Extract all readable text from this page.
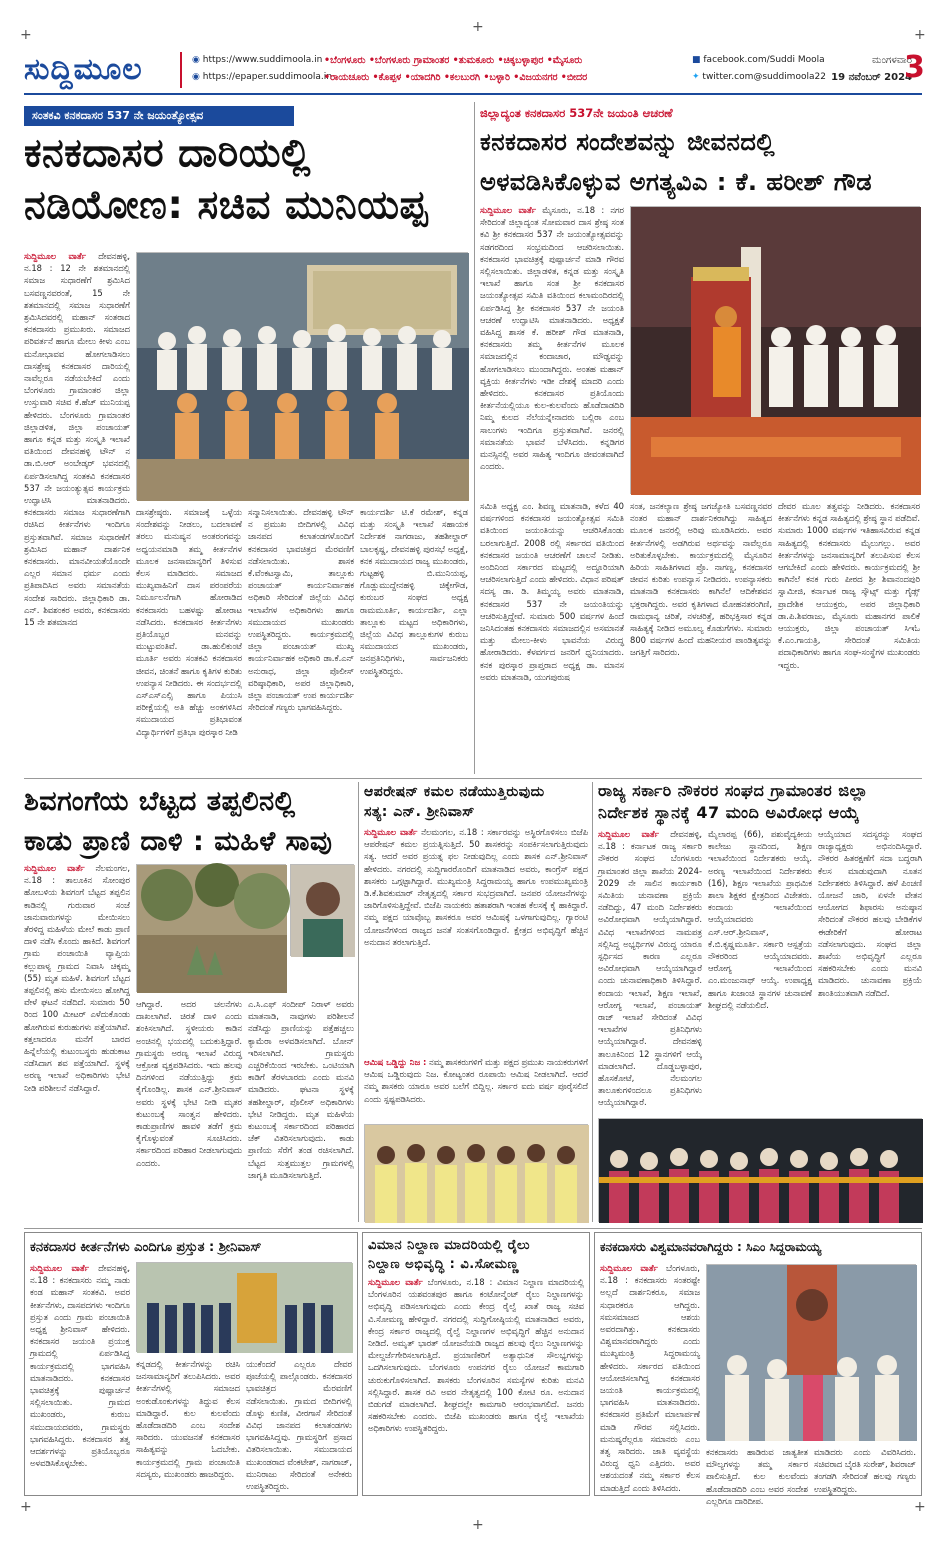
+	+	+
+
+
+
ಸುದ್ದಿಮೂಲ	◉ https://www.suddimoola.in
◉ https://epaper.suddimoola.in
•ಬೆಂಗಳೂರು •ಬೆಂಗಳೂರು ಗ್ರಾಮಾಂತರ •ತುಮಕೂರು •ಚಿಕ್ಕಬಳ್ಳಾಪುರ •ಮೈಸೂರು
•ರಾಯಚೂರು •ಕೊಪ್ಪಳ •ಯಾದಗಿರಿ •ಕಲಬುರಗಿ •ಬಳ್ಳಾರಿ •ವಿಜಯನಗರ •ಬೀದರ
■ facebook.com/Suddi Moola
✦ twitter.com@suddimoola22
ಮಂಗಳವಾರ
19 ನವೆಂಬರ್ 2024
3
ಸಂತಕವಿ ಕನಕದಾಸರ 537 ನೇ ಜಯಂತ್ಯೋತ್ಸವ
ಕನಕದಾಸರ ದಾರಿಯಲ್ಲಿ
ನಡಿಯೋಣ: ಸಚಿವ ಮುನಿಯಪ್ಪ
ಸುದ್ದಿಮೂಲ ವಾರ್ತೆ ದೇವನಹಳ್ಳಿ, ನ.18 : 12 ನೇ ಶತಮಾನದಲ್ಲಿ ಸಮಾಜ ಸುಧಾರಣೆಗೆ ಶ್ರಮಿಸಿದ ಬಸವಣ್ಣನವರಂತೆ, 15 ನೇ ಶತಮಾನದಲ್ಲಿ ಸಮಾಜ ಸುಧಾರಣೆಗೆ ಶ್ರಮಿಸಿದವರಲ್ಲಿ ಮಹಾನ್ ಸಂತರಾದ ಕನಕದಾಸರು ಪ್ರಮುಖರು. ಸಮಾಜದ ಪರಿವರ್ತನೆ ಹಾಗೂ ಮೇಲು ಕೀಳು ಎಂಬ ಮನೋಭಾವವ ಹೋಗಲಾಡಿಸಲು ದಾಸಶ್ರೇಷ್ಠ ಕನಕದಾಸರ ದಾರಿಯಲ್ಲಿ ನಾವೆಲ್ಲರೂ ನಡೆಯಬೇಕಿದೆ ಎಂದು ಬೆಂಗಳೂರು ಗ್ರಾಮಾಂತರ ಜಿಲ್ಲಾ ಉಸ್ತುವಾರಿ ಸಚಿವ ಕೆ.ಹೆಚ್ ಮುನಿಯಪ್ಪ ಹೇಳಿದರು. ಬೆಂಗಳೂರು ಗ್ರಾಮಾಂತರ ಜಿಲ್ಲಾಡಳಿತ, ಜಿಲ್ಲಾ ಪಂಚಾಯತ್ ಹಾಗೂ ಕನ್ನಡ ಮತ್ತು ಸಂಸ್ಕೃತಿ ಇಲಾಖೆ ವತಿಯಿಂದ ದೇವನಹಳ್ಳಿ ಟೌನ್ ನ ಡಾ.ಬಿ.ಆರ್ ಅಂಬೇಡ್ಕರ್ ಭವನದಲ್ಲಿ ಏರ್ಪಡಿಸಲಾಗಿದ್ದ ಸಂತಕವಿ ಕನಕದಾಸರ 537 ನೇ ಜಯಂತ್ಯುತ್ಸವ ಕಾರ್ಯಕ್ರಮ ಉದ್ಘಾಟಿಸಿ ಮಾತನಾಡಿದರು. ಕನಕದಾಸರು ಸಮಾಜ ಸುಧಾರಣೆಗಾಗಿ ರಚಿಸಿದ ಕೀರ್ತನೆಗಳು ಇಂದಿಗೂ ಪ್ರಸ್ತುತವಾಗಿವೆ. ಸಮಾಜ ಸುಧಾರಣೆಗೆ ಶ್ರಮಿಸಿದ ಮಹಾನ್ ದಾರ್ಶನಿಕ ಕನಕದಾಸರು. ಮಾನವೀಯತೆಯೊಂದೇ ಎಲ್ಲರ ಸಮಾನ ಧರ್ಮ ಎಂದು ಪ್ರತಿಪಾದಿಸಿದ ಅವರು ಸಮಾನತೆಯ ಸಂದೇಶ ಸಾರಿದರು. ಜಿಲ್ಲಾಧಿಕಾರಿ ಡಾ. ಎನ್. ಶಿವಶಂಕರ ಅವರು, ಕನಕದಾಸರು 15 ನೇ ಶತಮಾನದ
ದಾಸಶ್ರೇಷ್ಠರು. ಸಮಾಜಕ್ಕೆ ಒಳ್ಳೆಯ ಸಂದೇಶವನ್ನು ನೀಡಲು, ಬದಲಾವಣೆ ತರಲು ಮನುಷ್ಯನ ಅಂತರಂಗವನ್ನು ಅಧ್ಯಯನಮಾಡಿ ತಮ್ಮ ಕೀರ್ತನೆಗಳ ಮೂಲಕ ಜನಸಾಮಾನ್ಯರಿಗೆ ತಿಳಿಸುವ ಕೆಲಸ ಮಾಡಿದರು. ಸಮಾಜದ ಮುಖ್ಯವಾಹಿನಿಗೆ ದಾಸ ಪರಂಪರೆಯ ನಿರ್ಮೂಲನೆಗಾಗಿ ಹೋರಾಡಿದ ಕನಕದಾಸರು ಬಹಳಷ್ಟು ಹೋರಾಟ ನಡೆಸಿದರು. ಕನಕದಾಸರ ಕೀರ್ತನೆಗಳು ಪ್ರತಿಯೊಬ್ಬರ ಮನವನ್ನು ಮುಟ್ಟುವಂತಿವೆ. ಡಾ.ಹುಲಿಕುಂಟೆ ಮೂರ್ತಿ ಅವರು ಸಂತಕವಿ ಕನಕದಾಸರ ಜೀವನ, ಚಿಂತನೆ ಹಾಗೂ ಕೃತಿಗಳ ಕುರಿತು ಉಪನ್ಯಾಸ ನೀಡಿದರು. ಈ ಸಂದರ್ಭದಲ್ಲಿ ಎಸ್ಎಸ್ಎಲ್ಸಿ ಹಾಗೂ ಪಿಯುಸಿ ಪರೀಕ್ಷೆಯಲ್ಲಿ ಅತಿ ಹೆಚ್ಚು ಅಂಕಗಳಿಸಿದ ಸಮುದಾಯದ ಪ್ರತಿಭಾವಂತ ವಿದ್ಯಾರ್ಥಿಗಳಿಗೆ ಪ್ರತಿಭಾ ಪುರಸ್ಕಾರ ನೀಡಿ
ಸನ್ಮಾನಿಸಲಾಯಿತು. ದೇವನಹಳ್ಳಿ ಟೌನ್ ನ ಪ್ರಮುಖ ಬೀದಿಗಳಲ್ಲಿ ವಿವಿಧ ಜಾನಪದ ಕಲಾತಂಡಗಳೊಂದಿಗೆ ಕನಕದಾಸರ ಭಾವಚಿತ್ರದ ಮೆರವಣಿಗೆ ನಡೆಸಲಾಯಿತು. ಶಾಸಕ ಕೆ.ವೆಂಕಟಸ್ವಾಮಿ, ತಾಲ್ಲೂಕು ಪಂಚಾಯತ್ ಕಾರ್ಯನಿರ್ವಾಹಕ ಅಧಿಕಾರಿ ಸೇರಿದಂತೆ ಜಿಲ್ಲೆಯ ವಿವಿಧ ಇಲಾಖೆಗಳ ಅಧಿಕಾರಿಗಳು ಹಾಗೂ ಸಮುದಾಯದ ಮುಖಂಡರು ಉಪಸ್ಥಿತರಿದ್ದರು. ಕಾರ್ಯಕ್ರಮದಲ್ಲಿ ಜಿಲ್ಲಾ ಪಂಚಾಯತ್ ಮುಖ್ಯ ಕಾರ್ಯನಿರ್ವಾಹಕ ಅಧಿಕಾರಿ ಡಾ.ಕೆ.ಎನ್ ಅನುರಾಧ, ಜಿಲ್ಲಾ ಪೊಲೀಸ್ ವರಿಷ್ಠಾಧಿಕಾರಿ, ಅಪರ ಜಿಲ್ಲಾಧಿಕಾರಿ, ಜಿಲ್ಲಾ ಪಂಚಾಯತ್ ಉಪ ಕಾರ್ಯದರ್ಶಿ ಸೇರಿದಂತೆ ಗಣ್ಯರು ಭಾಗವಹಿಸಿದ್ದರು.
ಕಾರ್ಯದರ್ಶಿ ಟಿ.ಕೆ ರಮೇಶ್, ಕನ್ನಡ ಮತ್ತು ಸಂಸ್ಕೃತಿ ಇಲಾಖೆ ಸಹಾಯಕ ನಿರ್ದೇಶಕ ನಾಗರಾಜು, ತಹಶೀಲ್ದಾರ್ ಬಾಲಕೃಷ್ಣ, ದೇವನಹಳ್ಳಿ ಪುರಸಭೆ ಅಧ್ಯಕ್ಷೆ, ಕನಕ ಸಮುದಾಯದ ರಾಜ್ಯ ಮುಖಂಡರು, ಗುಟ್ಟಹಳ್ಳಿ ಬಿ.ಮುನಿಯಪ್ಪ, ಗೊಡ್ಲುಮುದ್ದೇನಹಳ್ಳಿ ಚಿಕ್ಕೇಗೌಡ, ಕುರುಬರ ಸಂಘದ ಅಧ್ಯಕ್ಷ ರಾಮಮೂರ್ತಿ, ಕಾರ್ಯದರ್ಶಿ, ಎಲ್ಲಾ ತಾಲ್ಲೂಕು ಮಟ್ಟದ ಅಧಿಕಾರಿಗಳು, ಜಿಲ್ಲೆಯ ವಿವಿಧ ತಾಲ್ಲೂಕುಗಳ ಕುರುಬ ಸಮುದಾಯದ ಮುಖಂಡರು, ಜನಪ್ರತಿನಿಧಿಗಳು, ಸಾರ್ವಜನಿಕರು ಉಪಸ್ಥಿತರಿದ್ದರು.
ಜಿಲ್ಲಾದ್ಯಂತ ಕನಕದಾಸರ 537ನೇ ಜಯಂತಿ ಆಚರಣೆ
ಕನಕದಾಸರ ಸಂದೇಶವನ್ನು ಜೀವನದಲ್ಲಿ
ಅಳವಡಿಸಿಕೊಳ್ಳುವ ಅಗತ್ಯವಿಎ : ಕೆ. ಹರೀಶ್ ಗೌಡ
ಸುದ್ದಿಮೂಲ ವಾರ್ತೆ ಮೈಸೂರು, ನ.18 : ನಗರ ಸೇರಿದಂತೆ ಜಿಲ್ಲಾದ್ಯಂತ ಸೋಮವಾರ ದಾಸ ಶ್ರೇಷ್ಠ ಸಂತ ಕವಿ ಶ್ರೀ ಕನಕದಾಸರ 537 ನೇ ಜಯಂತ್ಯೋತ್ಸವವನ್ನು ಸಡಗರದಿಂದ ಸಂಭ್ರಮದಿಂದ ಆಚರಿಸಲಾಯಿತು. ಕನಕದಾಸರ ಭಾವಚಿತ್ರಕ್ಕೆ ಪುಷ್ಪಾರ್ಚನೆ ಮಾಡಿ ಗೌರವ ಸಲ್ಲಿಸಲಾಯಿತು. ಜಿಲ್ಲಾಡಳಿತ, ಕನ್ನಡ ಮತ್ತು ಸಂಸ್ಕೃತಿ ಇಲಾಖೆ ಹಾಗೂ ಸಂತ ಶ್ರೀ ಕನಕದಾಸರ ಜಯಂತ್ಯೋತ್ಸವ ಸಮಿತಿ ವತಿಯಿಂದ ಕಲಾಮಂದಿರದಲ್ಲಿ ಏರ್ಪಡಿಸಿದ್ದ ಶ್ರೀ ಕನಕದಾಸರ 537 ನೇ ಜಯಂತಿ ಆಚರಣೆ ಉದ್ಘಾಟಿಸಿ ಮಾತನಾಡಿದರು. ಅಧ್ಯಕ್ಷತೆ ವಹಿಸಿದ್ದ ಶಾಸಕ ಕೆ. ಹರೀಶ್ ಗೌಡ ಮಾತನಾಡಿ, ಕನಕದಾಸರು ತಮ್ಮ ಕೀರ್ತನೆಗಳ ಮೂಲಕ ಸಮಾಜದಲ್ಲಿನ ಕಂದಾಚಾರ, ಮೌಢ್ಯವನ್ನು ಹೋಗಲಾಡಿಸಲು ಮುಂದಾಗಿದ್ದರು. ಅಂತಹ ಮಹಾನ್ ವ್ಯಕ್ತಿಯ ಕೀರ್ತನೆಗಳು ಇಡೀ ದೇಶಕ್ಕೆ ಮಾದರಿ ಎಂದು ಹೇಳಿದರು. ಕನಕದಾಸರ ಪ್ರತಿಯೊಂದು ಕೀರ್ತನೆಯಲ್ಲಿಯೂ ಕುಲ-ಕುಲವೆಂದು ಹೊಡೆದಾಡದಿರಿ ನಿಮ್ಮ ಕುಲದ ನೆಲೆಯನ್ನೇನಾದರು ಬಲ್ಲಿರಾ ಎಂಬ ಸಾಲುಗಳು ಇಂದಿಗೂ ಪ್ರಸ್ತುತವಾಗಿವೆ. ಜನರಲ್ಲಿ ಸಮಾನತೆಯ ಭಾವನೆ ಬೆಳೆಸಿದರು. ಕನ್ನಡಿಗರ ಮನಸ್ಸಿನಲ್ಲಿ ಅವರ ಸಾಹಿತ್ಯ ಇಂದಿಗೂ ಜೀವಂತವಾಗಿದೆ ಎಂದರು.
ಸಮಿತಿ ಅಧ್ಯಕ್ಷ ಎಂ. ಶಿವಣ್ಣ ಮಾತನಾಡಿ, ಕಳೆದ 40 ವರ್ಷಗಳಿಂದ ಕನಕದಾಸರ ಜಯಂತ್ಯೋತ್ಸವ ಸಮಿತಿ ವತಿಯಿಂದ ಜಯಂತಿಯನ್ನು ಆಚರಿಸಿಕೊಂಡು ಬರಲಾಗುತ್ತಿದೆ. 2008 ರಲ್ಲಿ ಸರ್ಕಾರದ ವತಿಯಿಂದ ಕನಕದಾಸರ ಜಯಂತಿ ಆಚರಣೆಗೆ ಚಾಲನೆ ನೀಡಿತು. ಅಂದಿನಿಂದ ಸರ್ಕಾರದ ಮಟ್ಟದಲ್ಲಿ ಅದ್ಧೂರಿಯಾಗಿ ಆಚರಿಸಲಾಗುತ್ತಿದೆ ಎಂದು ಹೇಳಿದರು. ವಿಧಾನ ಪರಿಷತ್ ಸದಸ್ಯ ಡಾ. ಡಿ. ತಿಮ್ಮಯ್ಯ ಅವರು ಮಾತನಾಡಿ, ಕನಕದಾಸರ 537 ನೇ ಜಯಂತಿಯನ್ನು ಆಚರಿಸುತ್ತಿದ್ದೇವೆ. ಸುಮಾರು 500 ವರ್ಷಗಳ ಹಿಂದೆ ಜನಿಸಿದಂತಹ ಕನಕದಾಸರು ಸಮಾಜದಲ್ಲಿನ ಅಸಮಾನತೆ ಮತ್ತು ಮೇಲು-ಕೀಳು ಭಾವನೆಯ ವಿರುದ್ಧ ಹೋರಾಡಿದರು. ಕೆಳವರ್ಗದ ಜನರಿಗೆ ಧ್ವನಿಯಾದರು. ಕನಕ ಪುರಸ್ಕಾರ ಪ್ರಾಪ್ತರಾದ ಅಧ್ಯಕ್ಷ ಡಾ. ಮಾನಸ ಅವರು ಮಾತನಾಡಿ, ಯುಗಪುರುಷ
ಸಂತ, ಜನಕಲ್ಯಾಣ ಶ್ರೇಷ್ಠ ಜಗಜ್ಯೋತಿ ಬಸವಣ್ಣನವರ ನಂತರ ಮಹಾನ್ ದಾರ್ಶನಿಕರಾಗಿದ್ದು ಸಾಹಿತ್ಯದ ಮೂಲಕ ಜನರಲ್ಲಿ ಅರಿವು ಮೂಡಿಸಿದರು. ಅವರ ಕೀರ್ತನೆಗಳಲ್ಲಿ ಅಡಗಿರುವ ಅರ್ಥವನ್ನು ನಾವೆಲ್ಲರೂ ಅರಿತುಕೊಳ್ಳಬೇಕು. ಕಾರ್ಯಕ್ರಮದಲ್ಲಿ ಮೈಸೂರಿನ ಹಿರಿಯ ಸಾಹಿತಿಗಳಾದ ಪ್ರೊ. ನಾಗಣ್ಣ, ಕನಕದಾಸರ ಜೀವನ ಕುರಿತು ಉಪನ್ಯಾಸ ನೀಡಿದರು. ಉಪನ್ಯಾಸಕರು ಮಾತನಾಡಿ ಕನಕದಾಸರು ಕಾಗಿನೆಲೆ ಆದಿಕೇಶವನ ಭಕ್ತರಾಗಿದ್ದರು. ಅವರ ಕೃತಿಗಳಾದ ಮೋಹನತರಂಗಿಣಿ, ರಾಮಧಾನ್ಯ ಚರಿತೆ, ನಳಚರಿತ್ರೆ, ಹರಿಭಕ್ತಿಸಾರ ಕನ್ನಡ ಸಾಹಿತ್ಯಕ್ಕೆ ನೀಡಿದ ಅಮೂಲ್ಯ ಕೊಡುಗೆಗಳು. ಸುಮಾರು 800 ವರ್ಷಗಳ ಹಿಂದೆ ಮಹನೀಯರ ಪಾಂಡಿತ್ಯವನ್ನು ಜಗತ್ತಿಗೆ ಸಾರಿದರು.
ದೇವರ ಮೂಲ ತತ್ವವನ್ನು ನೀಡಿದರು. ಕನಕದಾಸರ ಕೀರ್ತನೆಗಳು ಕನ್ನಡ ಸಾಹಿತ್ಯದಲ್ಲಿ ಶ್ರೇಷ್ಠ ಸ್ಥಾನ ಪಡೆದಿವೆ. ಸುಮಾರು 1000 ವರ್ಷಗಳ ಇತಿಹಾಸವಿರುವ ಕನ್ನಡ ಸಾಹಿತ್ಯದಲ್ಲಿ ಕನಕದಾಸರು ಮೈಲುಗಲ್ಲು. ಅವರ ಕೀರ್ತನೆಗಳನ್ನು ಜನಸಾಮಾನ್ಯರಿಗೆ ತಲುಪಿಸುವ ಕೆಲಸ ಆಗಬೇಕಿದೆ ಎಂದು ಹೇಳಿದರು. ಕಾರ್ಯಕ್ರಮದಲ್ಲಿ ಶ್ರೀ ಕಾಗಿನೆಲೆ ಕನಕ ಗುರು ಪೀಠದ ಶ್ರೀ ಶಿವಾನಂದಪುರಿ ಸ್ವಾಮೀಜಿ, ಕರ್ನಾಟಕ ರಾಜ್ಯ ಸ್ಕೌಟ್ಸ್ ಮತ್ತು ಗೈಡ್ಸ್ ಪ್ರಾದೇಶಿಕ ಆಯುಕ್ತರು, ಅಪರ ಜಿಲ್ಲಾಧಿಕಾರಿ ಡಾ.ಪಿ.ಶಿವರಾಜು, ಮೈಸೂರು ಮಹಾನಗರ ಪಾಲಿಕೆ ಆಯುಕ್ತರು, ಜಿಲ್ಲಾ ಪಂಚಾಯತ್ ಸಿಇಓ ಕೆ.ಎಂ.ಗಾಯತ್ರಿ, ಸೇರಿದಂತೆ ಸಮಿತಿಯ ಪದಾಧಿಕಾರಿಗಳು ಹಾಗೂ ಸಂಘ-ಸಂಸ್ಥೆಗಳ ಮುಖಂಡರು ಇದ್ದರು.
ಶಿವಗಂಗೆಯ ಬೆಟ್ಟದ ತಪ್ಪಲಿನಲ್ಲಿ
ಕಾಡು ಪ್ರಾಣಿ ದಾಳಿ : ಮಹಿಳೆ ಸಾವು
ಸುದ್ದಿಮೂಲ ವಾರ್ತೆ ನೆಲಮಂಗಲ, ನ.18 : ತಾಲೂಕಿನ ಸೋಂಪುರ ಹೋಬಳಿಯ ಶಿವಗಂಗೆ ಬೆಟ್ಟದ ತಪ್ಪಲಿನ ಕಾಡಿನಲ್ಲಿ ಗುರುವಾರ ಸಂಜೆ ಜಾನುವಾರುಗಳನ್ನು ಮೇಯಿಸಲು ತೆರಳಿದ್ದ ಮಹಿಳೆಯ ಮೇಲೆ ಕಾಡು ಪ್ರಾಣಿ ದಾಳಿ ನಡೆಸಿ ಕೊಂದು ಹಾಕಿದೆ. ಶಿವಗಂಗೆ ಗ್ರಾಮ ಪಂಚಾಯಿತಿ ವ್ಯಾಪ್ತಿಯ ಕಲ್ಲುಪಾಳ್ಯ ಗ್ರಾಮದ ನಿವಾಸಿ ಚಿಕ್ಕಮ್ಮ (55) ಮೃತ ಮಹಿಳೆ. ಶಿವಗಂಗೆ ಬೆಟ್ಟದ ತಪ್ಪಲಿನಲ್ಲಿ ಹಸು ಮೇಯಿಸಲು ಹೋಗಿದ್ದ ವೇಳೆ ಘಟನೆ ನಡೆದಿದೆ. ಸುಮಾರು 50 ರಿಂದ 100 ಮೀಟರ್ ಎಳೆದುಕೊಂಡು ಹೋಗಿರುವ ಕುರುಹುಗಳು ಪತ್ತೆಯಾಗಿವೆ. ಕತ್ತಲಾದರೂ ಮನೆಗೆ ಬಾರದ ಹಿನ್ನೆಲೆಯಲ್ಲಿ ಕುಟುಂಬಸ್ಥರು ಹುಡುಕಾಟ ನಡೆಸಿದಾಗ ಶವ ಪತ್ತೆಯಾಗಿದೆ. ಸ್ಥಳಕ್ಕೆ ಅರಣ್ಯ ಇಲಾಖೆ ಅಧಿಕಾರಿಗಳು ಭೇಟಿ ನೀಡಿ ಪರಿಶೀಲನೆ ನಡೆಸಿದ್ದಾರೆ.
ಆಗಿದ್ದಾರೆ. ಅದರ ಚಲನೆಗಳು ದಾಖಲಾಗಿವೆ. ಚಿರತೆ ದಾಳಿ ಎಂದು ಶಂಕಿಸಲಾಗಿದೆ. ಸ್ಥಳೀಯರು ಕಾಡಿನ ಅಂಚಿನಲ್ಲಿ ಭಯದಲ್ಲಿ ಬದುಕುತ್ತಿದ್ದಾರೆ. ಗ್ರಾಮಸ್ಥರು ಅರಣ್ಯ ಇಲಾಖೆ ವಿರುದ್ಧ ಆಕ್ರೋಶ ವ್ಯಕ್ತಪಡಿಸಿದರು. ಇದು ಹಲವು ದಿನಗಳಿಂದ ನಡೆಯುತ್ತಿದ್ದು ಕ್ರಮ ಕೈಗೊಂಡಿಲ್ಲ. ಶಾಸಕ ಎನ್.ಶ್ರೀನಿವಾಸ್ ಅವರು ಸ್ಥಳಕ್ಕೆ ಭೇಟಿ ನೀಡಿ ಮೃತರ ಕುಟುಂಬಕ್ಕೆ ಸಾಂತ್ವನ ಹೇಳಿದರು. ಕಾಡುಪ್ರಾಣಿಗಳ ಹಾವಳಿ ತಡೆಗೆ ಕ್ರಮ ಕೈಗೊಳ್ಳುವಂತೆ ಸೂಚಿಸಿದರು. ಸರ್ಕಾರದಿಂದ ಪರಿಹಾರ ನೀಡಲಾಗುವುದು ಎಂದರು.
ಎ.ಸಿ.ಎಫ್ ಸಂದೀಪ್ ನಿರಾಳ್ ಅವರು ಮಾತನಾಡಿ, ನಾವುಗಳು ಪರಿಶೀಲನೆ ನಡೆಸಿದ್ದು ಪ್ರಾಣಿಯನ್ನು ಪತ್ತೆಹಚ್ಚಲು ಕ್ಯಾಮೆರಾ ಅಳವಡಿಸಲಾಗಿದೆ. ಬೋನ್ ಇರಿಸಲಾಗಿದೆ. ಗ್ರಾಮಸ್ಥರು ಎಚ್ಚರಿಕೆಯಿಂದ ಇರಬೇಕು. ಒಂಟಿಯಾಗಿ ಕಾಡಿಗೆ ತೆರಳಬಾರದು ಎಂದು ಮನವಿ ಮಾಡಿದರು. ಘಟನಾ ಸ್ಥಳಕ್ಕೆ ತಹಶೀಲ್ದಾರ್, ಪೊಲೀಸ್ ಅಧಿಕಾರಿಗಳು ಭೇಟಿ ನೀಡಿದ್ದರು. ಮೃತ ಮಹಿಳೆಯ ಕುಟುಂಬಕ್ಕೆ ಸರ್ಕಾರದಿಂದ ಪರಿಹಾರದ ಚೆಕ್ ವಿತರಿಸಲಾಗುವುದು. ಕಾಡು ಪ್ರಾಣಿಯ ಸೆರೆಗೆ ತಂಡ ರಚಿಸಲಾಗಿದೆ. ಬೆಟ್ಟದ ಸುತ್ತಮುತ್ತಲ ಗ್ರಾಮಗಳಲ್ಲಿ ಜಾಗೃತಿ ಮೂಡಿಸಲಾಗುತ್ತಿದೆ.
ಆಪರೇಷನ್ ಕಮಲ ನಡೆಯುತ್ತಿರುವುದು
ಸತ್ಯ: ಎನ್. ಶ್ರೀನಿವಾಸ್
ಸುದ್ದಿಮೂಲ ವಾರ್ತೆ ನೆಲಮಂಗಲ, ನ.18 : ಸರ್ಕಾರವನ್ನು ಅಸ್ಥಿರಗೊಳಿಸಲು ಬಿಜೆಪಿ ಆಪರೇಷನ್ ಕಮಲ ಪ್ರಯತ್ನಿಸುತ್ತಿದೆ. 50 ಶಾಸಕರನ್ನು ಸಂಪರ್ಕಿಸಲಾಗುತ್ತಿರುವುದು ಸತ್ಯ. ಆದರೆ ಅವರ ಪ್ರಯತ್ನ ಫಲ ನೀಡುವುದಿಲ್ಲ ಎಂದು ಶಾಸಕ ಎನ್.ಶ್ರೀನಿವಾಸ್ ಹೇಳಿದರು. ನಗರದಲ್ಲಿ ಸುದ್ದಿಗಾರರೊಂದಿಗೆ ಮಾತನಾಡಿದ ಅವರು, ಕಾಂಗ್ರೆಸ್ ಪಕ್ಷದ ಶಾಸಕರು ಒಗ್ಗಟ್ಟಾಗಿದ್ದಾರೆ. ಮುಖ್ಯಮಂತ್ರಿ ಸಿದ್ದರಾಮಯ್ಯ ಹಾಗೂ ಉಪಮುಖ್ಯಮಂತ್ರಿ ಡಿ.ಕೆ.ಶಿವಕುಮಾರ್ ನೇತೃತ್ವದಲ್ಲಿ ಸರ್ಕಾರ ಸುಭದ್ರವಾಗಿದೆ. ಜನಪರ ಯೋಜನೆಗಳನ್ನು ಜಾರಿಗೊಳಿಸುತ್ತಿದ್ದೇವೆ. ಬಿಜೆಪಿ ನಾಯಕರು ಹತಾಶರಾಗಿ ಇಂತಹ ಕೆಲಸಕ್ಕೆ ಕೈ ಹಾಕಿದ್ದಾರೆ. ನಮ್ಮ ಪಕ್ಷದ ಯಾವೊಬ್ಬ ಶಾಸಕರೂ ಅವರ ಆಮಿಷಕ್ಕೆ ಒಳಗಾಗುವುದಿಲ್ಲ. ಗ್ಯಾರಂಟಿ ಯೋಜನೆಗಳಿಂದ ರಾಜ್ಯದ ಜನತೆ ಸಂತಸಗೊಂಡಿದ್ದಾರೆ. ಕ್ಷೇತ್ರದ ಅಭಿವೃದ್ಧಿಗೆ ಹೆಚ್ಚಿನ ಅನುದಾನ ತರಲಾಗುತ್ತಿದೆ.
ಆಮಿಷ ಒಡ್ಡಿದ್ದು ನಿಜ : ನಮ್ಮ ಶಾಸಕರುಗಳಿಗೆ ಮತ್ತು ಪಕ್ಷದ ಪ್ರಮುಖ ನಾಯಕರುಗಳಿಗೆ ಆಮಿಷ ಒಡ್ಡಿರುವುದು ನಿಜ. ಕೋಟ್ಯಂತರ ರೂಪಾಯಿ ಆಮಿಷ ನೀಡಲಾಗಿದೆ. ಆದರೆ ನಮ್ಮ ಶಾಸಕರು ಯಾರೂ ಅವರ ಬಲೆಗೆ ಬಿದ್ದಿಲ್ಲ. ಸರ್ಕಾರ ಐದು ವರ್ಷ ಪೂರೈಸಲಿದೆ ಎಂದು ಸ್ಪಷ್ಟಪಡಿಸಿದರು.
ರಾಜ್ಯ ಸರ್ಕಾರಿ ನೌಕರರ ಸಂಘದ ಗ್ರಾಮಾಂತರ ಜಿಲ್ಲಾ
ನಿರ್ದೇಶಕ ಸ್ಥಾನಕ್ಕೆ 47 ಮಂದಿ ಅವಿರೋಧ ಆಯ್ಕೆ
ಸುದ್ದಿಮೂಲ ವಾರ್ತೆ ದೇವನಹಳ್ಳಿ, ನ.18 : ಕರ್ನಾಟಕ ರಾಜ್ಯ ಸರ್ಕಾರಿ ನೌಕರರ ಸಂಘದ ಬೆಂಗಳೂರು ಗ್ರಾಮಾಂತರ ಜಿಲ್ಲಾ ಶಾಖೆಯ 2024-2029 ನೇ ಸಾಲಿನ ಕಾರ್ಯಕಾರಿ ಸಮಿತಿಯ ಚುನಾವಣಾ ಪ್ರಕ್ರಿಯೆ ನಡೆದಿದ್ದು, 47 ಮಂದಿ ನಿರ್ದೇಶಕರು ಅವಿರೋಧವಾಗಿ ಆಯ್ಕೆಯಾಗಿದ್ದಾರೆ. ವಿವಿಧ ಇಲಾಖೆಗಳಿಂದ ನಾಮಪತ್ರ ಸಲ್ಲಿಸಿದ್ದ ಅಭ್ಯರ್ಥಿಗಳ ವಿರುದ್ಧ ಯಾರೂ ಸ್ಪರ್ಧಿಸದ ಕಾರಣ ಎಲ್ಲರೂ ಅವಿರೋಧವಾಗಿ ಆಯ್ಕೆಯಾಗಿದ್ದಾರೆ ಎಂದು ಚುನಾವಣಾಧಿಕಾರಿ ತಿಳಿಸಿದ್ದಾರೆ. ಕಂದಾಯ ಇಲಾಖೆ, ಶಿಕ್ಷಣ ಇಲಾಖೆ, ಆರೋಗ್ಯ ಇಲಾಖೆ, ಪಂಚಾಯತ್ ರಾಜ್ ಇಲಾಖೆ ಸೇರಿದಂತೆ ವಿವಿಧ ಇಲಾಖೆಗಳ ಪ್ರತಿನಿಧಿಗಳು ಆಯ್ಕೆಯಾಗಿದ್ದಾರೆ. ದೇವನಹಳ್ಳಿ ತಾಲೂಕಿನಿಂದ 12 ಸ್ಥಾನಗಳಿಗೆ ಆಯ್ಕೆ ಮಾಡಲಾಗಿದೆ. ದೊಡ್ಡಬಳ್ಳಾಪುರ, ಹೊಸಕೋಟೆ, ನೆಲಮಂಗಲ ತಾಲೂಕುಗಳಿಂದಲೂ ಪ್ರತಿನಿಧಿಗಳು ಆಯ್ಕೆಯಾಗಿದ್ದಾರೆ.
ಮೈಲಾರಪ್ಪ (66), ಪಶುವೈದ್ಯಕೀಯ ಕಾಲೇಜು ಸ್ಥಾನದಿಂದ, ಶಿಕ್ಷಣ ಇಲಾಖೆಯಿಂದ ನಿರ್ದೇಶಕರು ಆಯ್ಕೆ. ಅರಣ್ಯ ಇಲಾಖೆಯಿಂದ ನಿರ್ದೇಶಕರು (16), ಶಿಕ್ಷಣ ಇಲಾಖೆಯ ಪ್ರಾಥಮಿಕ ಶಾಲಾ ಶಿಕ್ಷಕರ ಕ್ಷೇತ್ರದಿಂದ ವಿಜೇತರು. ಕಂದಾಯ ಇಲಾಖೆಯಿಂದ ಆಯ್ಕೆಯಾದವರು ಎಸ್.ಆರ್.ಶ್ರೀನಿವಾಸ್, ಕೆ.ಬಿ.ಕೃಷ್ಣಮೂರ್ತಿ. ಸರ್ಕಾರಿ ಆಸ್ಪತ್ರೆಯ ನೌಕರರಿಂದ ಆಯ್ಕೆಯಾದವರು. ಆರೋಗ್ಯ ಇಲಾಖೆಯಿಂದ ಎಂ.ಮಂಜುನಾಥ್ ಆಯ್ಕೆ. ಉಪಾಧ್ಯಕ್ಷ ಹಾಗೂ ಖಜಾಂಚಿ ಸ್ಥಾನಗಳ ಚುನಾವಣೆ ಶೀಘ್ರದಲ್ಲಿ ನಡೆಯಲಿದೆ.
ಆಯ್ಕೆಯಾದ ಸದಸ್ಯರನ್ನು ಸಂಘದ ರಾಜ್ಯಾಧ್ಯಕ್ಷರು ಅಭಿನಂದಿಸಿದ್ದಾರೆ. ನೌಕರರ ಹಿತರಕ್ಷಣೆಗೆ ಸದಾ ಬದ್ಧರಾಗಿ ಕೆಲಸ ಮಾಡುವುದಾಗಿ ನೂತನ ನಿರ್ದೇಶಕರು ತಿಳಿಸಿದ್ದಾರೆ. ಹಳೆ ಪಿಂಚಣಿ ಯೋಜನೆ ಜಾರಿ, ಏಳನೇ ವೇತನ ಆಯೋಗದ ಶಿಫಾರಸು ಅನುಷ್ಠಾನ ಸೇರಿದಂತೆ ನೌಕರರ ಹಲವು ಬೇಡಿಕೆಗಳ ಈಡೇರಿಕೆಗೆ ಹೋರಾಟ ನಡೆಸಲಾಗುವುದು. ಸಂಘದ ಜಿಲ್ಲಾ ಶಾಖೆಯ ಅಭಿವೃದ್ಧಿಗೆ ಎಲ್ಲರೂ ಸಹಕರಿಸಬೇಕು ಎಂದು ಮನವಿ ಮಾಡಿದರು. ಚುನಾವಣಾ ಪ್ರಕ್ರಿಯೆ ಶಾಂತಿಯುತವಾಗಿ ನಡೆದಿದೆ.
ಕನಕದಾಸರ ಕೀರ್ತನೆಗಳು ಎಂದಿಗೂ ಪ್ರಸ್ತುತ : ಶ್ರೀನಿವಾಸ್
ಸುದ್ದಿಮೂಲ ವಾರ್ತೆ ದೇವನಹಳ್ಳಿ, ನ.18 : ಕನಕದಾಸರು ನಮ್ಮ ನಾಡು ಕಂಡ ಮಹಾನ್ ಸಂತಕವಿ. ಅವರ ಕೀರ್ತನೆಗಳು, ದಾಸಪದಗಳು ಇಂದಿಗೂ ಪ್ರಸ್ತುತ ಎಂದು ಗ್ರಾಮ ಪಂಚಾಯಿತಿ ಅಧ್ಯಕ್ಷ ಶ್ರೀನಿವಾಸ್ ಹೇಳಿದರು. ಕನಕದಾಸರ ಜಯಂತಿ ಪ್ರಯುಕ್ತ ಗ್ರಾಮದಲ್ಲಿ ಏರ್ಪಡಿಸಿದ್ದ ಕಾರ್ಯಕ್ರಮದಲ್ಲಿ ಭಾಗವಹಿಸಿ ಮಾತನಾಡಿದರು. ಕನಕದಾಸರ ಭಾವಚಿತ್ರಕ್ಕೆ ಪುಷ್ಪಾರ್ಚನೆ ಸಲ್ಲಿಸಲಾಯಿತು. ಗ್ರಾಮದ ಮುಖಂಡರು, ಕುರುಬ ಸಮುದಾಯದವರು, ಗ್ರಾಮಸ್ಥರು ಭಾಗವಹಿಸಿದ್ದರು. ಕನಕದಾಸರ ತತ್ವ ಆದರ್ಶಗಳನ್ನು ಪ್ರತಿಯೊಬ್ಬರೂ ಅಳವಡಿಸಿಕೊಳ್ಳಬೇಕು.
ಕನ್ನಡದಲ್ಲಿ ಕೀರ್ತನೆಗಳನ್ನು ರಚಿಸಿ ಜನಸಾಮಾನ್ಯರಿಗೆ ತಲುಪಿಸಿದರು. ಅವರ ಕೀರ್ತನೆಗಳಲ್ಲಿ ಸಮಾಜದ ಅಂಕುಡೊಂಕುಗಳನ್ನು ತಿದ್ದುವ ಕೆಲಸ ಮಾಡಿದ್ದಾರೆ. ಕುಲ ಕುಲವೆಂದು ಹೊಡೆದಾಡದಿರಿ ಎಂಬ ಸಂದೇಶ ಸಾರಿದರು. ಯುವಜನತೆ ಕನಕದಾಸರ ಸಾಹಿತ್ಯವನ್ನು ಓದಬೇಕು. ಕಾರ್ಯಕ್ರಮದಲ್ಲಿ ಗ್ರಾಮ ಪಂಚಾಯಿತಿ ಸದಸ್ಯರು, ಮುಖಂಡರು ಹಾಜರಿದ್ದರು.
ಯುಕೆಂದರೆ ಎಲ್ಲರೂ ದೇವರ ಪೂಜೆಯಲ್ಲಿ ಪಾಲ್ಗೊಂಡರು. ಕನಕದಾಸರ ಭಾವಚಿತ್ರದ ಮೆರವಣಿಗೆ ನಡೆಸಲಾಯಿತು. ಗ್ರಾಮದ ಬೀದಿಗಳಲ್ಲಿ ಡೊಳ್ಳು ಕುಣಿತ, ವೀರಗಾಸೆ ಸೇರಿದಂತೆ ವಿವಿಧ ಜಾನಪದ ಕಲಾತಂಡಗಳು ಭಾಗವಹಿಸಿದ್ದವು. ಗ್ರಾಮಸ್ಥರಿಗೆ ಪ್ರಸಾದ ವಿತರಿಸಲಾಯಿತು. ಸಮುದಾಯದ ಮುಖಂಡರಾದ ವೆಂಕಟೇಶ್, ನಾಗರಾಜ್, ಮುನಿರಾಜು ಸೇರಿದಂತೆ ಅನೇಕರು ಉಪಸ್ಥಿತರಿದ್ದರು.
ವಿಮಾನ ನಿಲ್ದಾಣ ಮಾದರಿಯಲ್ಲಿ ರೈಲು
ನಿಲ್ದಾಣ ಅಭಿವೃದ್ಧಿ : ವಿ.ಸೋಮಣ್ಣ
ಸುದ್ದಿಮೂಲ ವಾರ್ತೆ ಬೆಂಗಳೂರು, ನ.18 : ವಿಮಾನ ನಿಲ್ದಾಣ ಮಾದರಿಯಲ್ಲಿ ಬೆಂಗಳೂರಿನ ಯಶವಂತಪುರ ಹಾಗೂ ಕಂಟೋನ್ಮೆಂಟ್ ರೈಲು ನಿಲ್ದಾಣಗಳನ್ನು ಅಭಿವೃದ್ಧಿ ಪಡಿಸಲಾಗುವುದು ಎಂದು ಕೇಂದ್ರ ರೈಲ್ವೆ ಖಾತೆ ರಾಜ್ಯ ಸಚಿವ ವಿ.ಸೋಮಣ್ಣ ಹೇಳಿದ್ದಾರೆ. ನಗರದಲ್ಲಿ ಸುದ್ದಿಗೋಷ್ಠಿಯಲ್ಲಿ ಮಾತನಾಡಿದ ಅವರು, ಕೇಂದ್ರ ಸರ್ಕಾರ ರಾಜ್ಯದಲ್ಲಿ ರೈಲ್ವೆ ನಿಲ್ದಾಣಗಳ ಅಭಿವೃದ್ಧಿಗೆ ಹೆಚ್ಚಿನ ಅನುದಾನ ನೀಡಿದೆ. ಅಮೃತ್ ಭಾರತ್ ಯೋಜನೆಯಡಿ ರಾಜ್ಯದ ಹಲವು ರೈಲು ನಿಲ್ದಾಣಗಳನ್ನು ಮೇಲ್ದರ್ಜೆಗೇರಿಸಲಾಗುತ್ತಿದೆ. ಪ್ರಯಾಣಿಕರಿಗೆ ಅತ್ಯಾಧುನಿಕ ಸೌಲಭ್ಯಗಳನ್ನು ಒದಗಿಸಲಾಗುವುದು. ಬೆಂಗಳೂರು ಉಪನಗರ ರೈಲು ಯೋಜನೆ ಕಾಮಗಾರಿ ಚುರುಕುಗೊಳಿಸಲಾಗಿದೆ. ಶಾಸಕರು ಬೆಂಗಳೂರಿನ ಸಮಸ್ಯೆಗಳ ಕುರಿತು ಮನವಿ ಸಲ್ಲಿಸಿದ್ದಾರೆ. ಶಾಸಕ ರವಿ ಅವರ ನೇತೃತ್ವದಲ್ಲಿ 100 ಕೋಟಿ ರೂ. ಅನುದಾನ ಬಿಡುಗಡೆ ಮಾಡಲಾಗಿದೆ. ಶೀಘ್ರದಲ್ಲೇ ಕಾಮಗಾರಿ ಆರಂಭವಾಗಲಿದೆ. ಜನರು ಸಹಕರಿಸಬೇಕು ಎಂದರು. ಬಿಜೆಪಿ ಮುಖಂಡರು ಹಾಗೂ ರೈಲ್ವೆ ಇಲಾಖೆಯ ಅಧಿಕಾರಿಗಳು ಉಪಸ್ಥಿತರಿದ್ದರು.
ಕನಕದಾಸರು ವಿಶ್ವಮಾನವರಾಗಿದ್ದರು : ಸಿಎಂ ಸಿದ್ದರಾಮಯ್ಯ
ಸುದ್ದಿಮೂಲ ವಾರ್ತೆ ಬೆಂಗಳೂರು, ನ.18 : ಕನಕದಾಸರು ಸಂತರಷ್ಟೇ ಅಲ್ಲದೆ ದಾರ್ಶನಿಕರೂ, ಸಮಾಜ ಸುಧಾರಕರೂ ಆಗಿದ್ದರು. ಸಮಸಮಾಜದ ಆಶಯ ಅವರದಾಗಿತ್ತು. ಕನಕದಾಸರು ವಿಶ್ವಮಾನವರಾಗಿದ್ದರು ಎಂದು ಮುಖ್ಯಮಂತ್ರಿ ಸಿದ್ದರಾಮಯ್ಯ ಹೇಳಿದರು. ಸರ್ಕಾರದ ವತಿಯಿಂದ ಆಯೋಜಿಸಲಾಗಿದ್ದ ಕನಕದಾಸರ ಜಯಂತಿ ಕಾರ್ಯಕ್ರಮದಲ್ಲಿ ಭಾಗವಹಿಸಿ ಮಾತನಾಡಿದರು. ಕನಕದಾಸರ ಪ್ರತಿಮೆಗೆ ಮಾಲಾರ್ಪಣೆ ಮಾಡಿ ಗೌರವ ಸಲ್ಲಿಸಿದರು. ಮನುಷ್ಯರೆಲ್ಲರೂ ಸಮಾನರು ಎಂಬ ತತ್ವ ಸಾರಿದರು. ಜಾತಿ ವ್ಯವಸ್ಥೆಯ ವಿರುದ್ಧ ಧ್ವನಿ ಎತ್ತಿದರು. ಅವರ ಆಶಯದಂತೆ ನಮ್ಮ ಸರ್ಕಾರ ಕೆಲಸ ಮಾಡುತ್ತಿದೆ ಎಂದು ತಿಳಿಸಿದರು.
ಕನಕದಾಸರು ಹಾಡಿರುವ ಜಾತ್ಯತೀತ ಮೌಲ್ಯಗಳನ್ನು ತಮ್ಮ ಸರ್ಕಾರ ಪಾಲಿಸುತ್ತಿದೆ. ಕುಲ ಕುಲವೆಂದು ಹೊಡೆದಾಡದಿರಿ ಎಂಬ ಅವರ ಸಂದೇಶ ಎಲ್ಲರಿಗೂ ದಾರಿದೀಪ.
ಮಾಡಿದರು ಎಂದು ವಿವರಿಸಿದರು. ಸಚಿವರಾದ ಬೈರತಿ ಸುರೇಶ್, ಶಿವರಾಜ್ ತಂಗಡಗಿ ಸೇರಿದಂತೆ ಹಲವು ಗಣ್ಯರು ಉಪಸ್ಥಿತರಿದ್ದರು.
